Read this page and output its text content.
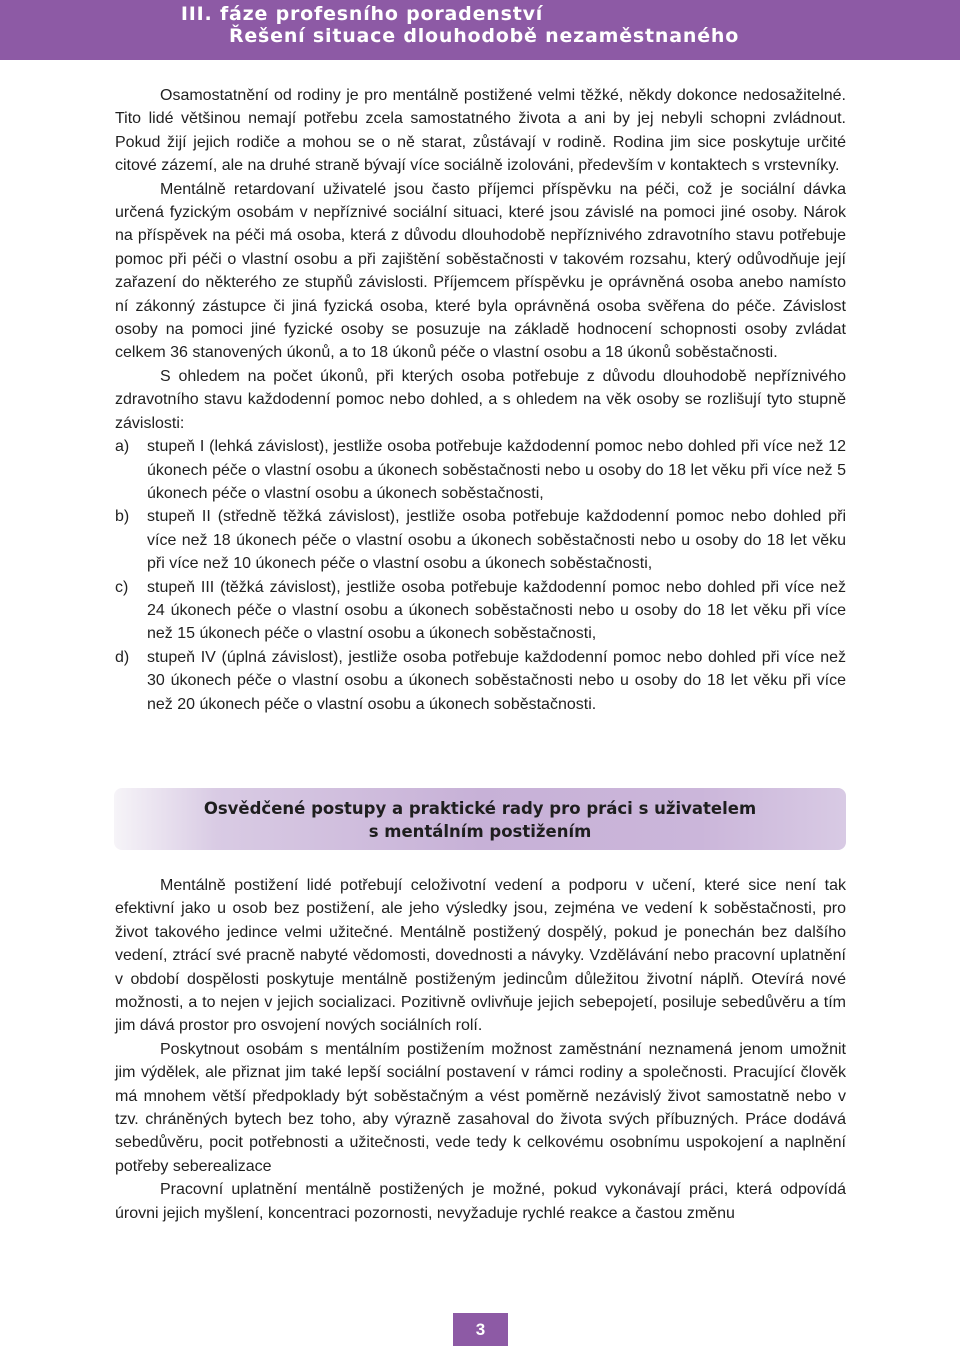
III. fáze profesního poradenství
Řešení situace dlouhodobě nezaměstnaného

Osamostatnění od rodiny je pro mentálně postižené velmi těžké, někdy dokonce nedosažitelné. Tito lidé většinou nemají potřebu zcela samostatného života a ani by jej nebyli schopni zvládnout. Pokud žijí jejich rodiče a mohou se o ně starat, zůstávají v rodině. Rodina jim sice poskytuje určité citové zázemí, ale na druhé straně bývají více sociálně izolováni, především v kontaktech s vrstevníky.

Mentálně retardovaní uživatelé jsou často příjemci příspěvku na péči, což je sociální dávka určená fyzickým osobám v nepříznivé sociální situaci, které jsou závislé na pomoci jiné osoby. Nárok na příspěvek na péči má osoba, která z důvodu dlouhodobě nepříznivého zdravotního stavu potřebuje pomoc při péči o vlastní osobu a při zajištění soběstačnosti v takovém rozsahu, který odůvodňuje její zařazení do některého ze stupňů závislosti. Příjemcem příspěvku je oprávněná osoba anebo namísto ní zákonný zástupce či jiná fyzická osoba, které byla oprávněná osoba svěřena do péče. Závislost osoby na pomoci jiné fyzické osoby se posuzuje na základě hodnocení schopnosti osoby zvládat celkem 36 stanovených úkonů, a to 18 úkonů péče o vlastní osobu a 18 úkonů soběstačnosti.

S ohledem na počet úkonů, při kterých osoba potřebuje z důvodu dlouhodobě nepříznivého zdravotního stavu každodenní pomoc nebo dohled, a s ohledem na věk osoby se rozlišují tyto stupně závislosti:

a) stupeň I (lehká závislost), jestliže osoba potřebuje každodenní pomoc nebo dohled při více než 12 úkonech péče o vlastní osobu a úkonech soběstačnosti nebo u osoby do 18 let věku při více než 5 úkonech péče o vlastní osobu a úkonech soběstačnosti,
b) stupeň II (středně těžká závislost), jestliže osoba potřebuje každodenní pomoc nebo dohled při více než 18 úkonech péče o vlastní osobu a úkonech soběstačnosti nebo u osoby do 18 let věku při více než 10 úkonech péče o vlastní osobu a úkonech soběstačnosti,
c) stupeň III (těžká závislost), jestliže osoba potřebuje každodenní pomoc nebo dohled při více než 24 úkonech péče o vlastní osobu a úkonech soběstačnosti nebo u osoby do 18 let věku při více než 15 úkonech péče o vlastní osobu a úkonech soběstačnosti,
d) stupeň IV (úplná závislost), jestliže osoba potřebuje každodenní pomoc nebo dohled při více než 30 úkonech péče o vlastní osobu a úkonech soběstačnosti nebo u osoby do 18 let věku při více než 20 úkonech péče o vlastní osobu a úkonech soběstačnosti.
Osvědčené postupy a praktické rady pro práci s uživatelem
s mentálním postižením

Mentálně postižení lidé potřebují celoživotní vedení a podporu v učení, které sice není tak efektivní jako u osob bez postižení, ale jeho výsledky jsou, zejména ve vedení k soběstačnosti, pro život takového jedince velmi užitečné. Mentálně postižený dospělý, pokud je ponechán bez dalšího vedení, ztrácí své pracně nabyté vědomosti, dovednosti a návyky. Vzdělávání nebo pracovní uplatnění v období dospělosti poskytuje mentálně postiženým jedincům důležitou životní náplň. Otevírá nové možnosti, a to nejen v jejich socializaci. Pozitivně ovlivňuje jejich sebepojetí, posiluje sebedůvěru a tím jim dává prostor pro osvojení nových sociálních rolí.

Poskytnout osobám s mentálním postižením možnost zaměstnání neznamená jenom umožnit jim výdělek, ale přiznat jim také lepší sociální postavení v rámci rodiny a společnosti. Pracující člověk má mnohem větší předpoklady být soběstačným a vést poměrně nezávislý život samostatně nebo v tzv. chráněných bytech bez toho, aby výrazně zasahoval do života svých příbuzných. Práce dodává sebedůvěru, pocit potřebnosti a užitečnosti, vede tedy k celkovému osobnímu uspokojení a naplnění potřeby seberealizace

Pracovní uplatnění mentálně postižených je možné, pokud vykonávají práci, která odpovídá úrovni jejich myšlení, koncentraci pozornosti, nevyžaduje rychlé reakce a častou změnu

3
